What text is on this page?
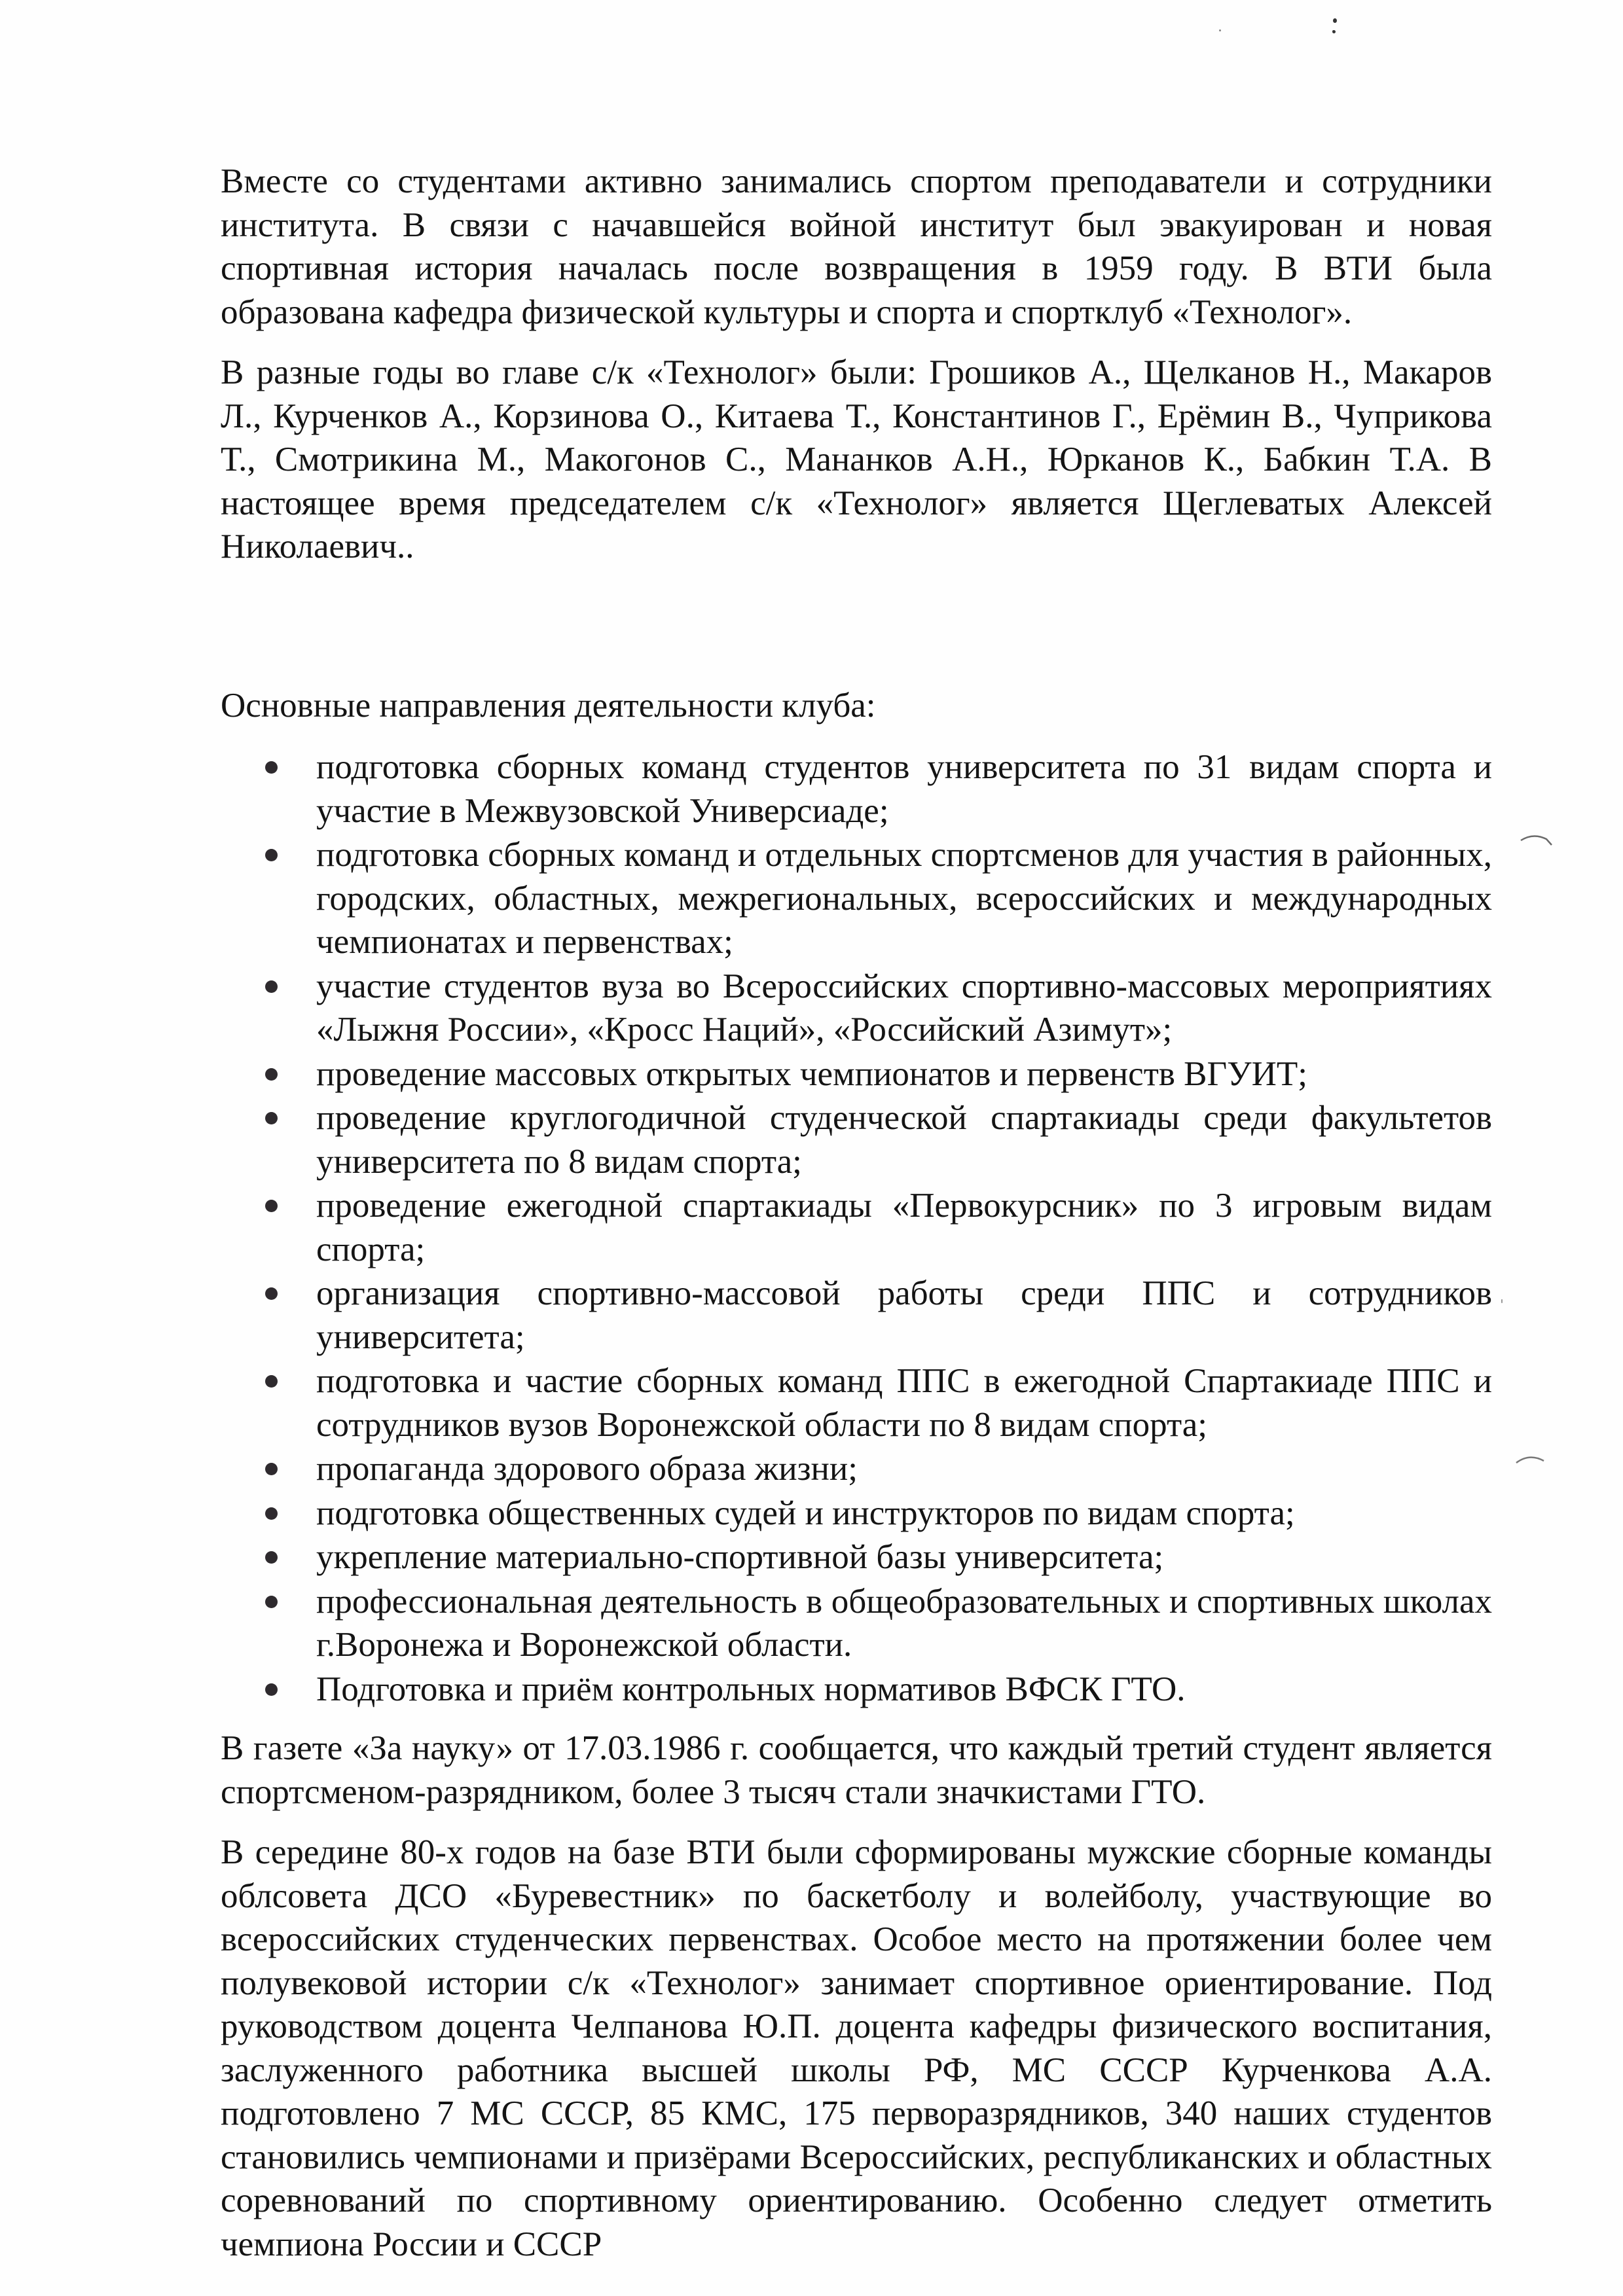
Вместе со студентами активно занимались спортом преподаватели и сотрудники института. В связи с начавшейся войной институт был эвакуирован и новая спортивная история началась после возвращения в 1959 году. В ВТИ была образована кафедра физической культуры и спорта и спортклуб «Технолог».

В разные годы во главе с/к «Технолог» были: Грошиков А., Щелканов Н., Макаров Л., Курченков А., Корзинова О., Китаева Т., Константинов Г., Ерёмин В., Чуприкова Т., Смотрикина М., Макогонов С., Мананков А.Н., Юрканов К., Бабкин Т.А. В настоящее время председателем с/к «Технолог» является Щеглеватых Алексей Николаевич..

Основные направления деятельности клуба:

подготовка сборных команд студентов университета по 31 видам спорта и участие в Межвузовской Универсиаде;
подготовка сборных команд и отдельных спортсменов для участия в районных, городских, областных, межрегиональных, всероссийских и международных чемпионатах и первенствах;
участие студентов вуза во Всероссийских спортивно-массовых мероприятиях «Лыжня России», «Кросс Наций», «Российский Азимут»;
проведение массовых открытых чемпионатов и первенств ВГУИТ;
проведение круглогодичной студенческой спартакиады среди факультетов университета по 8 видам спорта;
проведение ежегодной спартакиады «Первокурсник» по 3 игровым видам спорта;
организация спортивно-массовой работы среди ППС и сотрудников университета;
подготовка и частие сборных команд ППС в ежегодной Спартакиаде ППС и сотрудников вузов Воронежской области по 8 видам спорта;
пропаганда здорового образа жизни;
подготовка общественных судей и инструкторов по видам спорта;
укрепление материально-спортивной базы университета;
профессиональная деятельность в общеобразовательных и спортивных школах г.Воронежа и Воронежской области.
Подготовка и приём контрольных нормативов ВФСК ГТО.

В газете «За науку» от 17.03.1986 г. сообщается, что каждый третий студент является спортсменом-разрядником, более 3 тысяч стали значкистами ГТО.

В середине 80-х годов на базе ВТИ были сформированы мужские сборные команды облсовета ДСО «Буревестник» по баскетболу и волейболу, участвующие во всероссийских студенческих первенствах. Особое место на протяжении более чем полувековой истории с/к «Технолог» занимает спортивное ориентирование. Под руководством доцента Челпанова Ю.П. доцента кафедры физического воспитания, заслуженного работника высшей школы РФ, МС СССР Курченкова А.А. подготовлено 7 МС СССР, 85 КМС, 175 перворазрядников, 340 наших студентов становились чемпионами и призёрами Всероссийских, республиканских и областных соревнований по спортивному ориентированию. Особенно следует отметить чемпиона России и СССР
